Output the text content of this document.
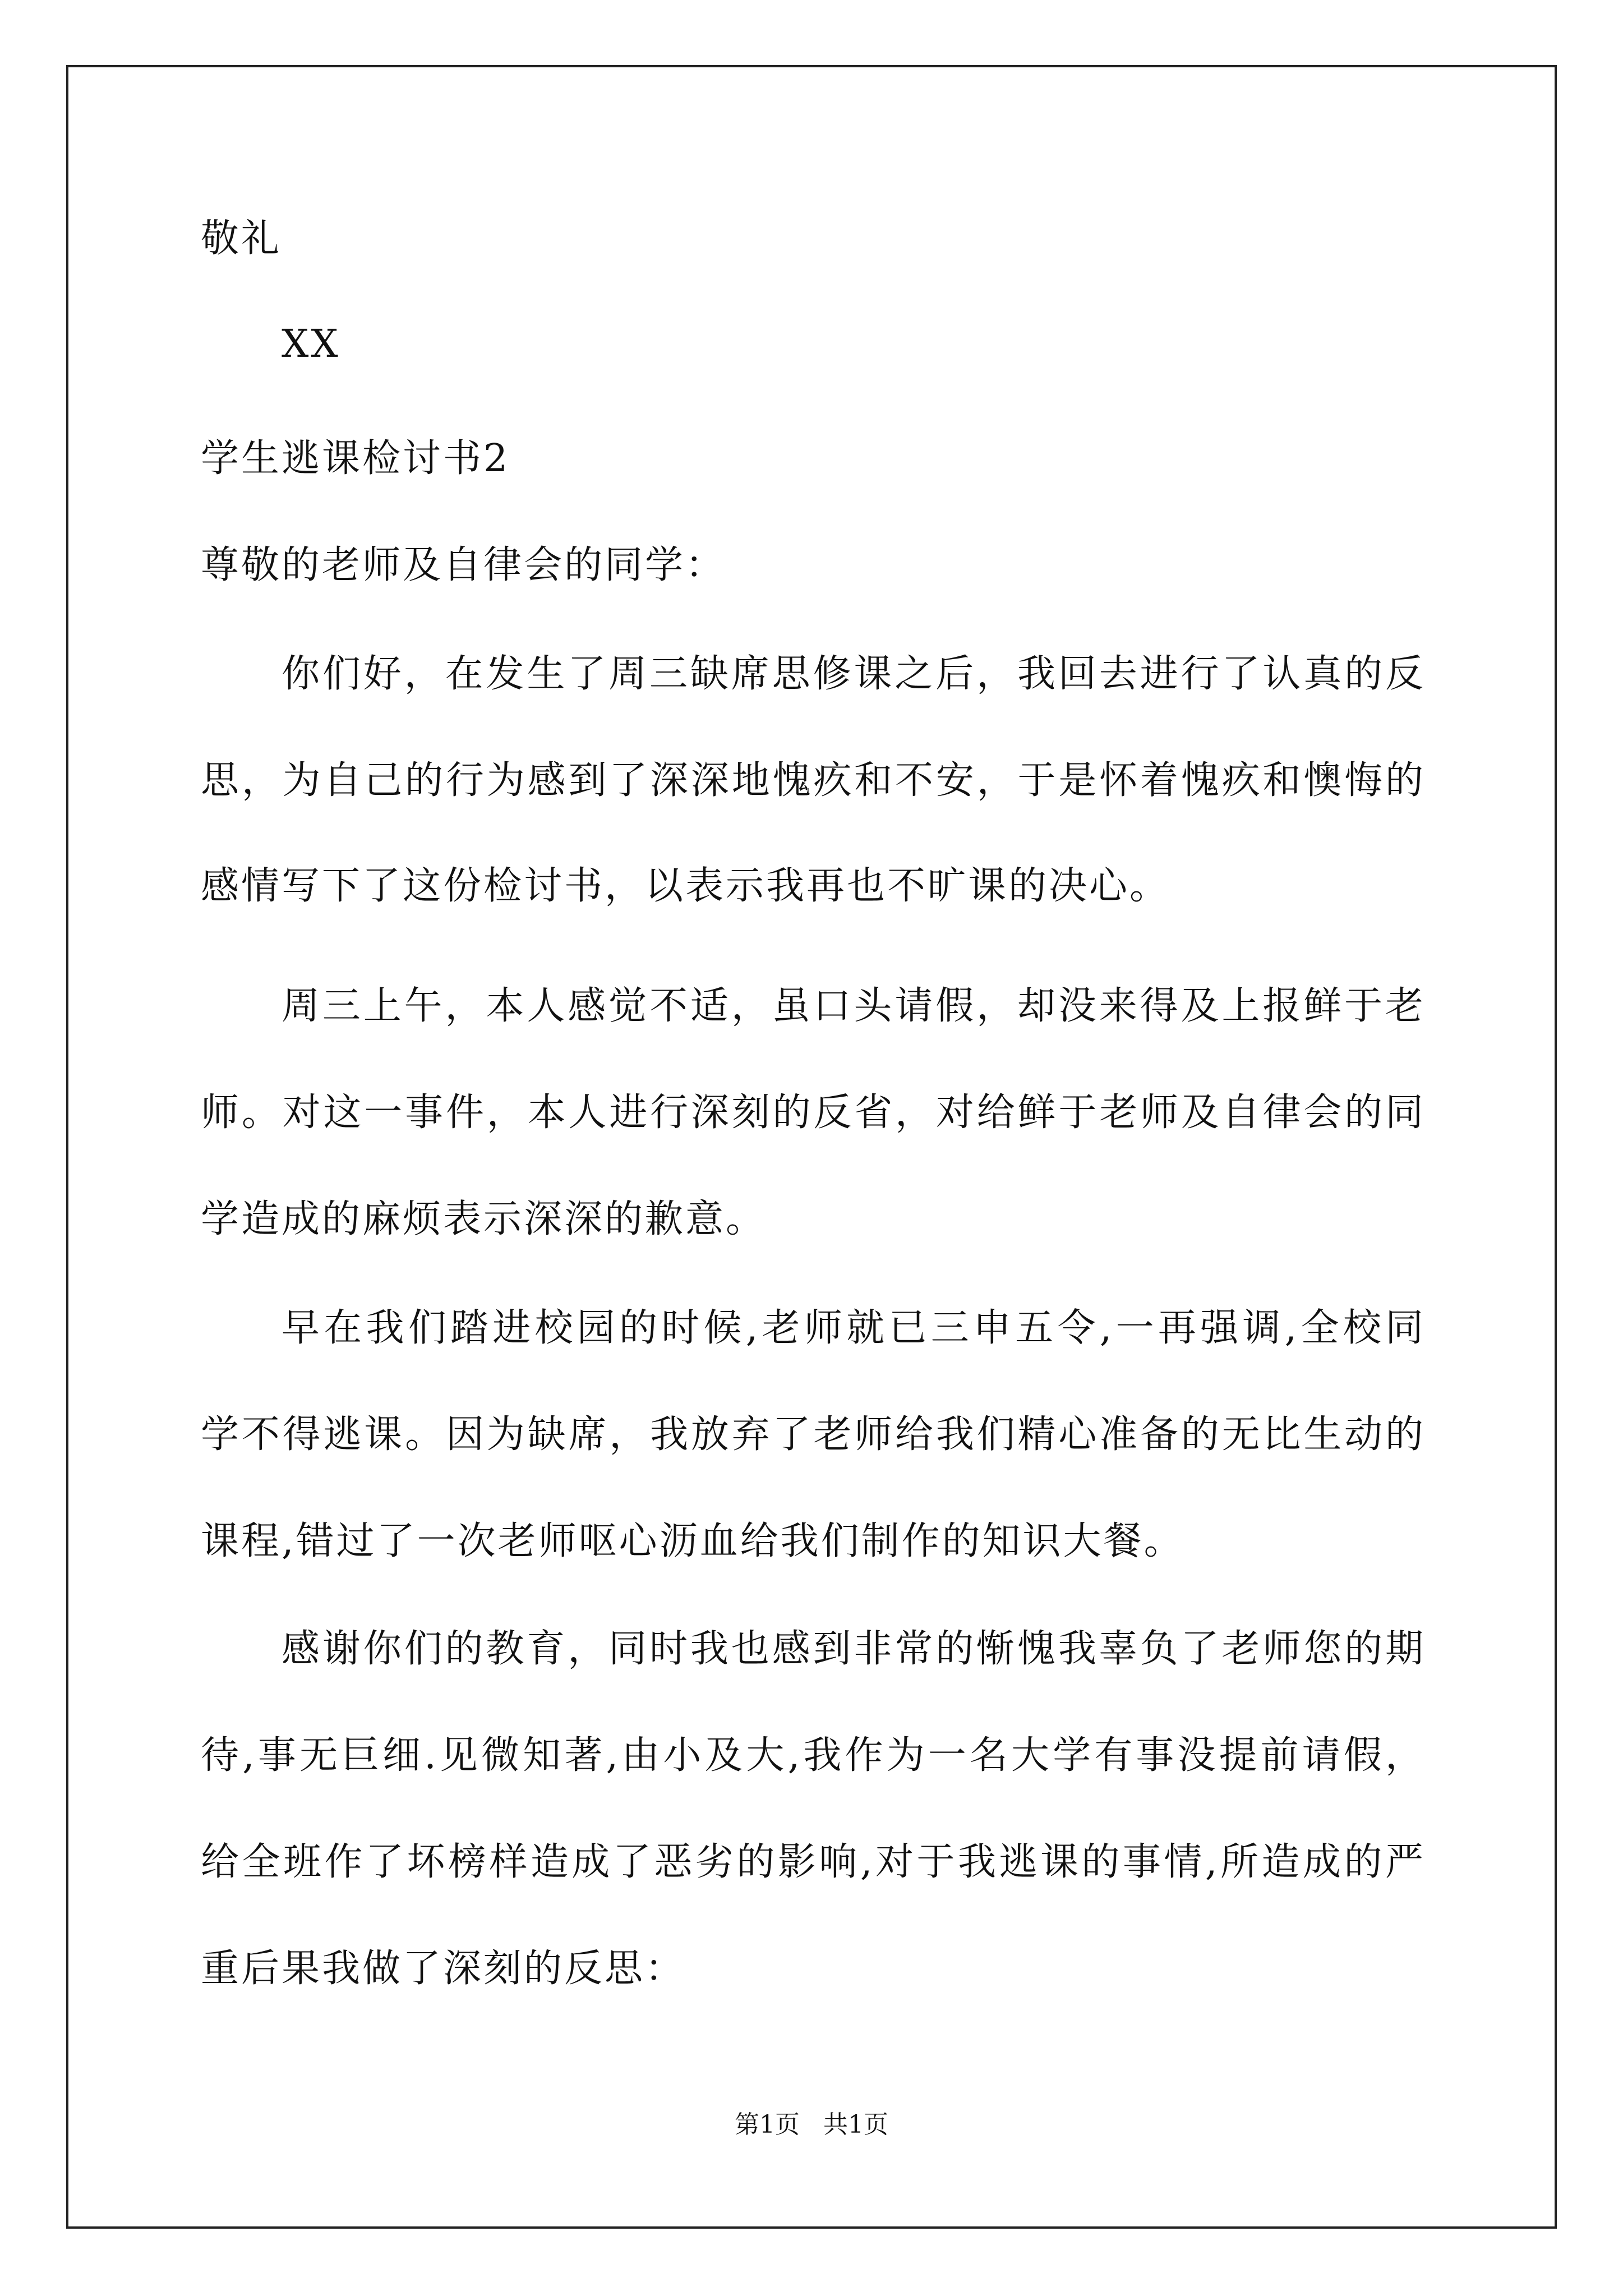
敬礼
XX
学生逃课检讨书2
尊敬的老师及自律会的同学：
你们好，在发生了周三缺席思修课之后，我回去进行了认真的反
思，为自己的行为感到了深深地愧疚和不安，于是怀着愧疚和懊悔的
感情写下了这份检讨书，以表示我再也不旷课的决心。
周三上午，本人感觉不适，虽口头请假，却没来得及上报鲜于老
师。对这一事件，本人进行深刻的反省，对给鲜于老师及自律会的同
学造成的麻烦表示深深的歉意。
早在我们踏进校园的时候,老师就已三申五令,一再强调,全校同
学不得逃课。因为缺席，我放弃了老师给我们精心准备的无比生动的
课程,错过了一次老师呕心沥血给我们制作的知识大餐。
感谢你们的教育，同时我也感到非常的惭愧我辜负了老师您的期
待,事无巨细.见微知著,由小及大,我作为一名大学有事没提前请假，
给全班作了坏榜样造成了恶劣的影响,对于我逃课的事情,所造成的严
重后果我做了深刻的反思：
第1页   共1页
